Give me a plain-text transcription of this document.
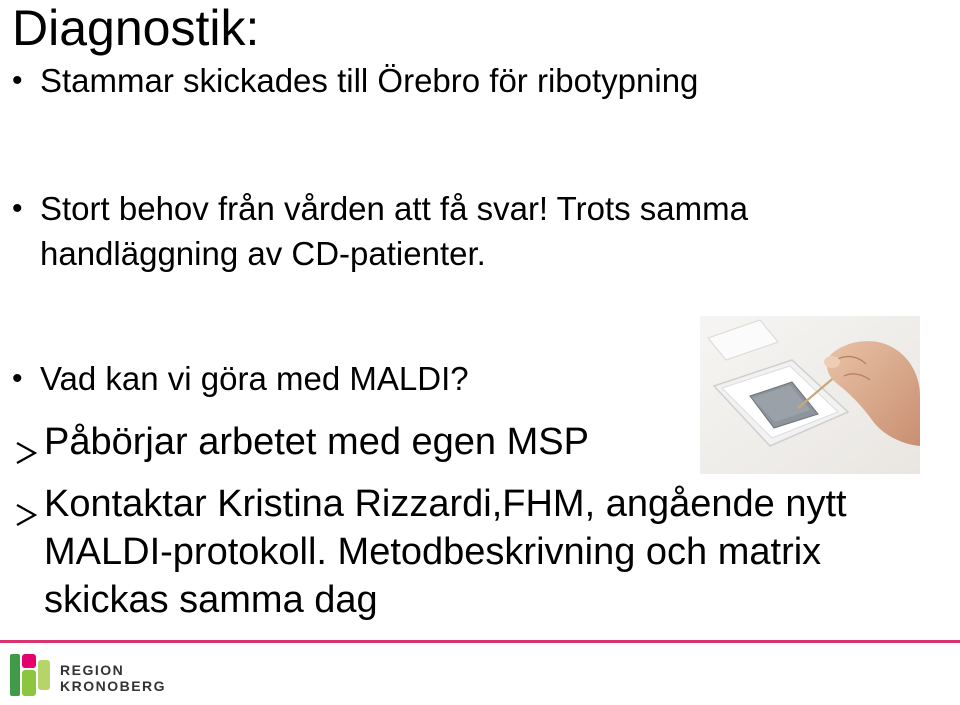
Diagnostik:
• Stammar skickades till Örebro för ribotypning
• Stort behov från vården att få svar! Trots samma handläggning av CD-patienter.
• Vad kan vi göra med MALDI?
Påbörjar arbetet med egen MSP
Kontaktar Kristina Rizzardi,FHM, angående nytt MALDI-protokoll. Metodbeskrivning och matrix skickas samma dag
REGION
KRONOBERG
